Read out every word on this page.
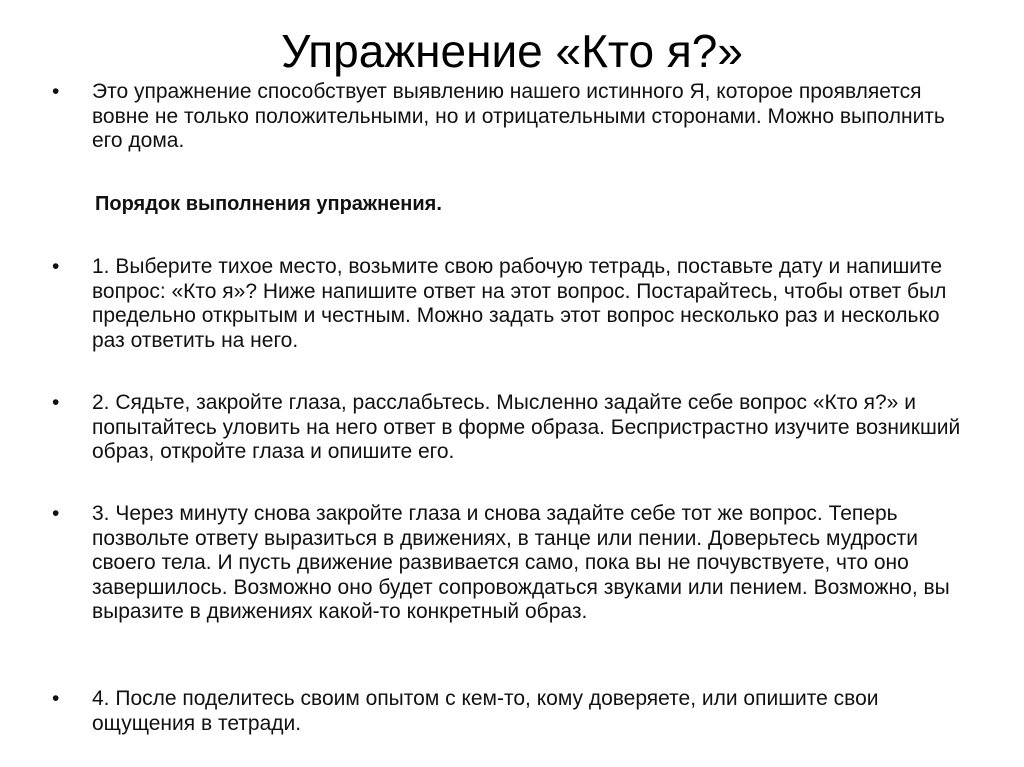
Упражнение «Кто я?»
• Это упражнение способствует выявлению нашего истинного Я, которое проявляется вовне не только положительными, но и отрицательными сторонами. Можно выполнить его дома.
Порядок выполнения упражнения.
• 1. Выберите тихое место, возьмите свою рабочую тетрадь, поставьте дату и напишите вопрос: «Кто я»? Ниже напишите ответ на этот вопрос. Постарайтесь, чтобы ответ был предельно открытым и честным. Можно задать этот вопрос несколько раз и несколько раз ответить на него.
• 2. Сядьте, закройте глаза, расслабьтесь. Мысленно задайте себе вопрос «Кто я?» и попытайтесь уловить на него ответ в форме образа. Беспристрастно изучите возникший образ, откройте глаза и опишите его.
• 3. Через минуту снова закройте глаза и снова задайте себе тот же вопрос. Теперь позвольте ответу выразиться в движениях, в танце или пении. Доверьтесь мудрости своего тела. И пусть движение развивается само, пока вы не почувствуете, что оно завершилось. Возможно оно будет сопровождаться звуками или пением. Возможно, вы выразите в движениях какой-то конкретный образ.
• 4. После поделитесь своим опытом с кем-то, кому доверяете, или опишите свои ощущения в тетради.
